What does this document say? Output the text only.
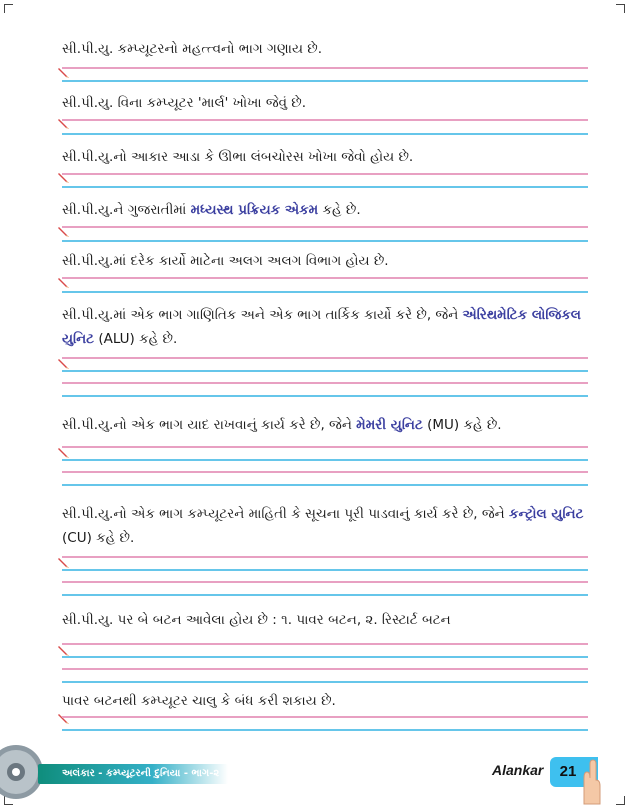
સી.પી.યુ. કમ્પ્યૂટરનો મહત્ત્વનો ભાગ ગણાય છે.
સી.પી.યુ. વિના કમ્પ્યૂટર 'માર્લ' ખોખા જેવું છે.
સી.પી.યુ.નો આકાર આડા કે ઊભા લંબચોરસ ખોખા જેવો હોય છે.
સી.પી.યુ.ને ગુજરાતીમાં મધ્યસ્થ પ્રક્રિયક એકમ કહે છે.
સી.પી.યુ.માં દરેક કાર્યો માટેના અલગ અલગ વિભાગ હોય છે.
સી.પી.યુ.માં એક ભાગ ગાણિતિક અને એક ભાગ તાર્કિક કાર્યો કરે છે, જેને એરિથમેટિક લોજિકલ યુનિટ (ALU) કહે છે.
સી.પી.યુ.નો એક ભાગ યાદ રાખવાનું કાર્ય કરે છે, જેને મેમરી યુનિટ (MU) કહે છે.
સી.પી.યુ.નો એક ભાગ કમ્પ્યૂટરને માહિતી કે સૂચના પૂરી પાડવાનું કાર્ય કરે છે, જેને કન્ટ્રોલ યુનિટ (CU) કહે છે.
સી.પી.યુ. પર બે બટન આવેલા હોય છે : ૧. પાવર બટન, ૨. રિસ્ટાર્ટ બટન
પાવર બટનથી કમ્પ્યૂટર ચાલુ કે બંધ કરી શકાય છે.
અલંકાર - કમ્પ્યૂટરની દુનિયા - ભાગ-૨	Alankar 21
